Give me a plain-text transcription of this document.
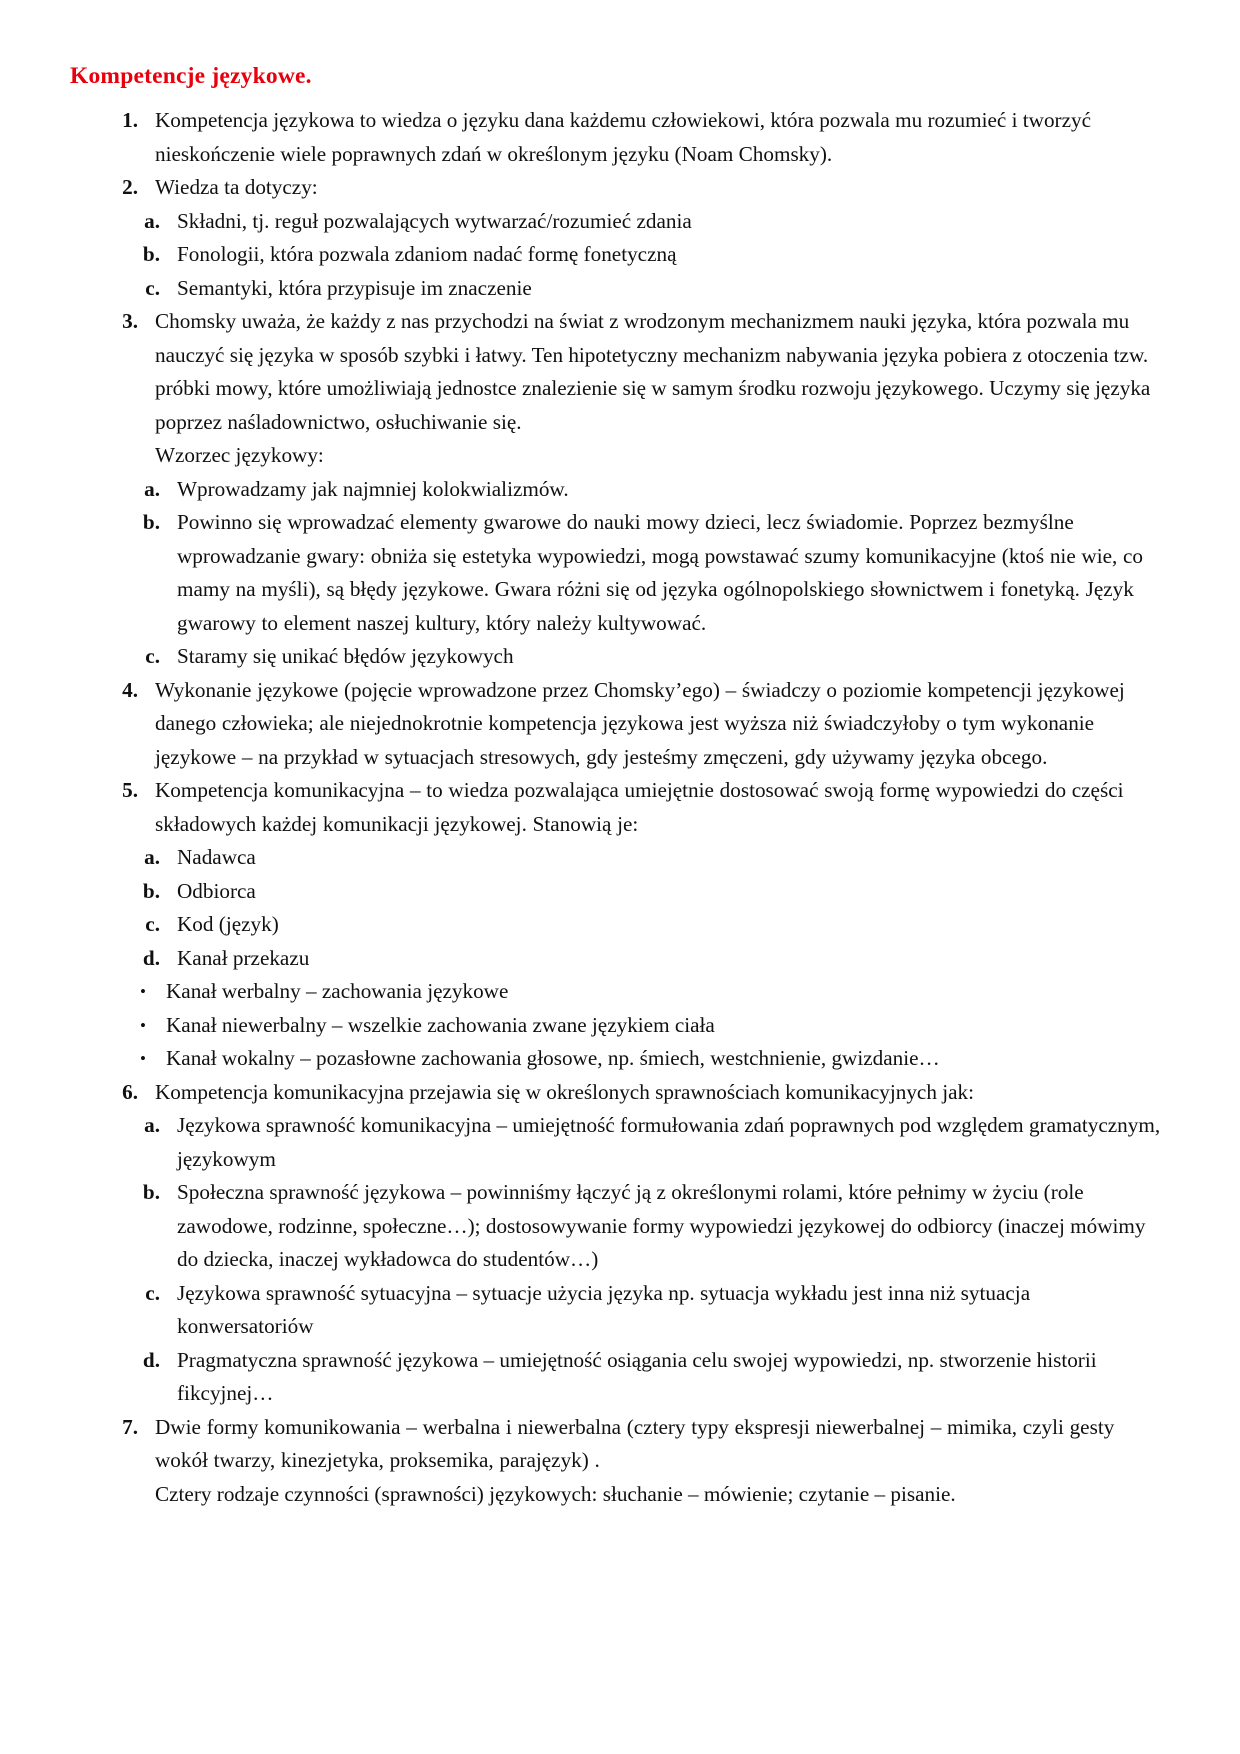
Kompetencje językowe.
1. Kompetencja językowa to wiedza o języku dana każdemu człowiekowi, która pozwala mu rozumieć i tworzyć nieskończenie wiele poprawnych zdań w określonym języku (Noam Chomsky).

2. Wiedza ta dotyczy:

a. Składni, tj. reguł pozwalających wytwarzać/rozumieć zdania

b. Fonologii, która pozwala zdaniom nadać formę fonetyczną

c. Semantyki, która przypisuje im znaczenie

3. Chomsky uważa, że każdy z nas przychodzi na świat z wrodzonym mechanizmem nauki języka, która pozwala mu nauczyć się języka w sposób szybki i łatwy. Ten hipotetyczny mechanizm nabywania języka pobiera z otoczenia tzw. próbki mowy, które umożliwiają jednostce znalezienie się w samym środku rozwoju językowego. Uczymy się języka poprzez naśladownictwo, osłuchiwanie się.

Wzorzec językowy:

a. Wprowadzamy jak najmniej kolokwializmów.

b. Powinno się wprowadzać elementy gwarowe do nauki mowy dzieci, lecz świadomie. Poprzez bezmyślne wprowadzanie gwary: obniża się estetyka wypowiedzi, mogą powstawać szumy komunikacyjne (ktoś nie wie, co mamy na myśli), są błędy językowe. Gwara różni się od języka ogólnopolskiego słownictwem i fonetyką. Język gwarowy to element naszej kultury, który należy kultywować.

c. Staramy się unikać błędów językowych

4. Wykonanie językowe (pojęcie wprowadzone przez Chomsky’ego) – świadczy o poziomie kompetencji językowej danego człowieka; ale niejednokrotnie kompetencja językowa jest wyższa niż świadczyłoby o tym wykonanie językowe – na przykład w sytuacjach stresowych, gdy jesteśmy zmęczeni, gdy używamy języka obcego.

5. Kompetencja komunikacyjna – to wiedza pozwalająca umiejętnie dostosować swoją formę wypowiedzi do części składowych każdej komunikacji językowej. Stanowią je:

a. Nadawca

b. Odbiorca

c. Kod (język)

d. Kanał przekazu

• Kanał werbalny – zachowania językowe

• Kanał niewerbalny – wszelkie zachowania zwane językiem ciała

• Kanał wokalny – pozasłowne zachowania głosowe, np. śmiech, westchnienie, gwizdanie…

6. Kompetencja komunikacyjna przejawia się w określonych sprawnościach komunikacyjnych jak:

a. Językowa sprawność komunikacyjna – umiejętność formułowania zdań poprawnych pod względem gramatycznym, językowym

b. Społeczna sprawność językowa – powinniśmy łączyć ją z określonymi rolami, które pełnimy w życiu (role zawodowe, rodzinne, społeczne…); dostosowywanie formy wypowiedzi językowej do odbiorcy (inaczej mówimy do dziecka, inaczej wykładowca do studentów…)

c. Językowa sprawność sytuacyjna – sytuacje użycia języka np. sytuacja wykładu jest inna niż sytuacja konwersatoriów

d. Pragmatyczna sprawność językowa – umiejętność osiągania celu swojej wypowiedzi, np. stworzenie historii fikcyjnej…

7. Dwie formy komunikowania – werbalna i niewerbalna (cztery typy ekspresji niewerbalnej – mimika, czyli gesty wokół twarzy, kinezjetyka, proksemika, parajęzyk) .

Cztery rodzaje czynności (sprawności) językowych: słuchanie – mówienie; czytanie – pisanie.
